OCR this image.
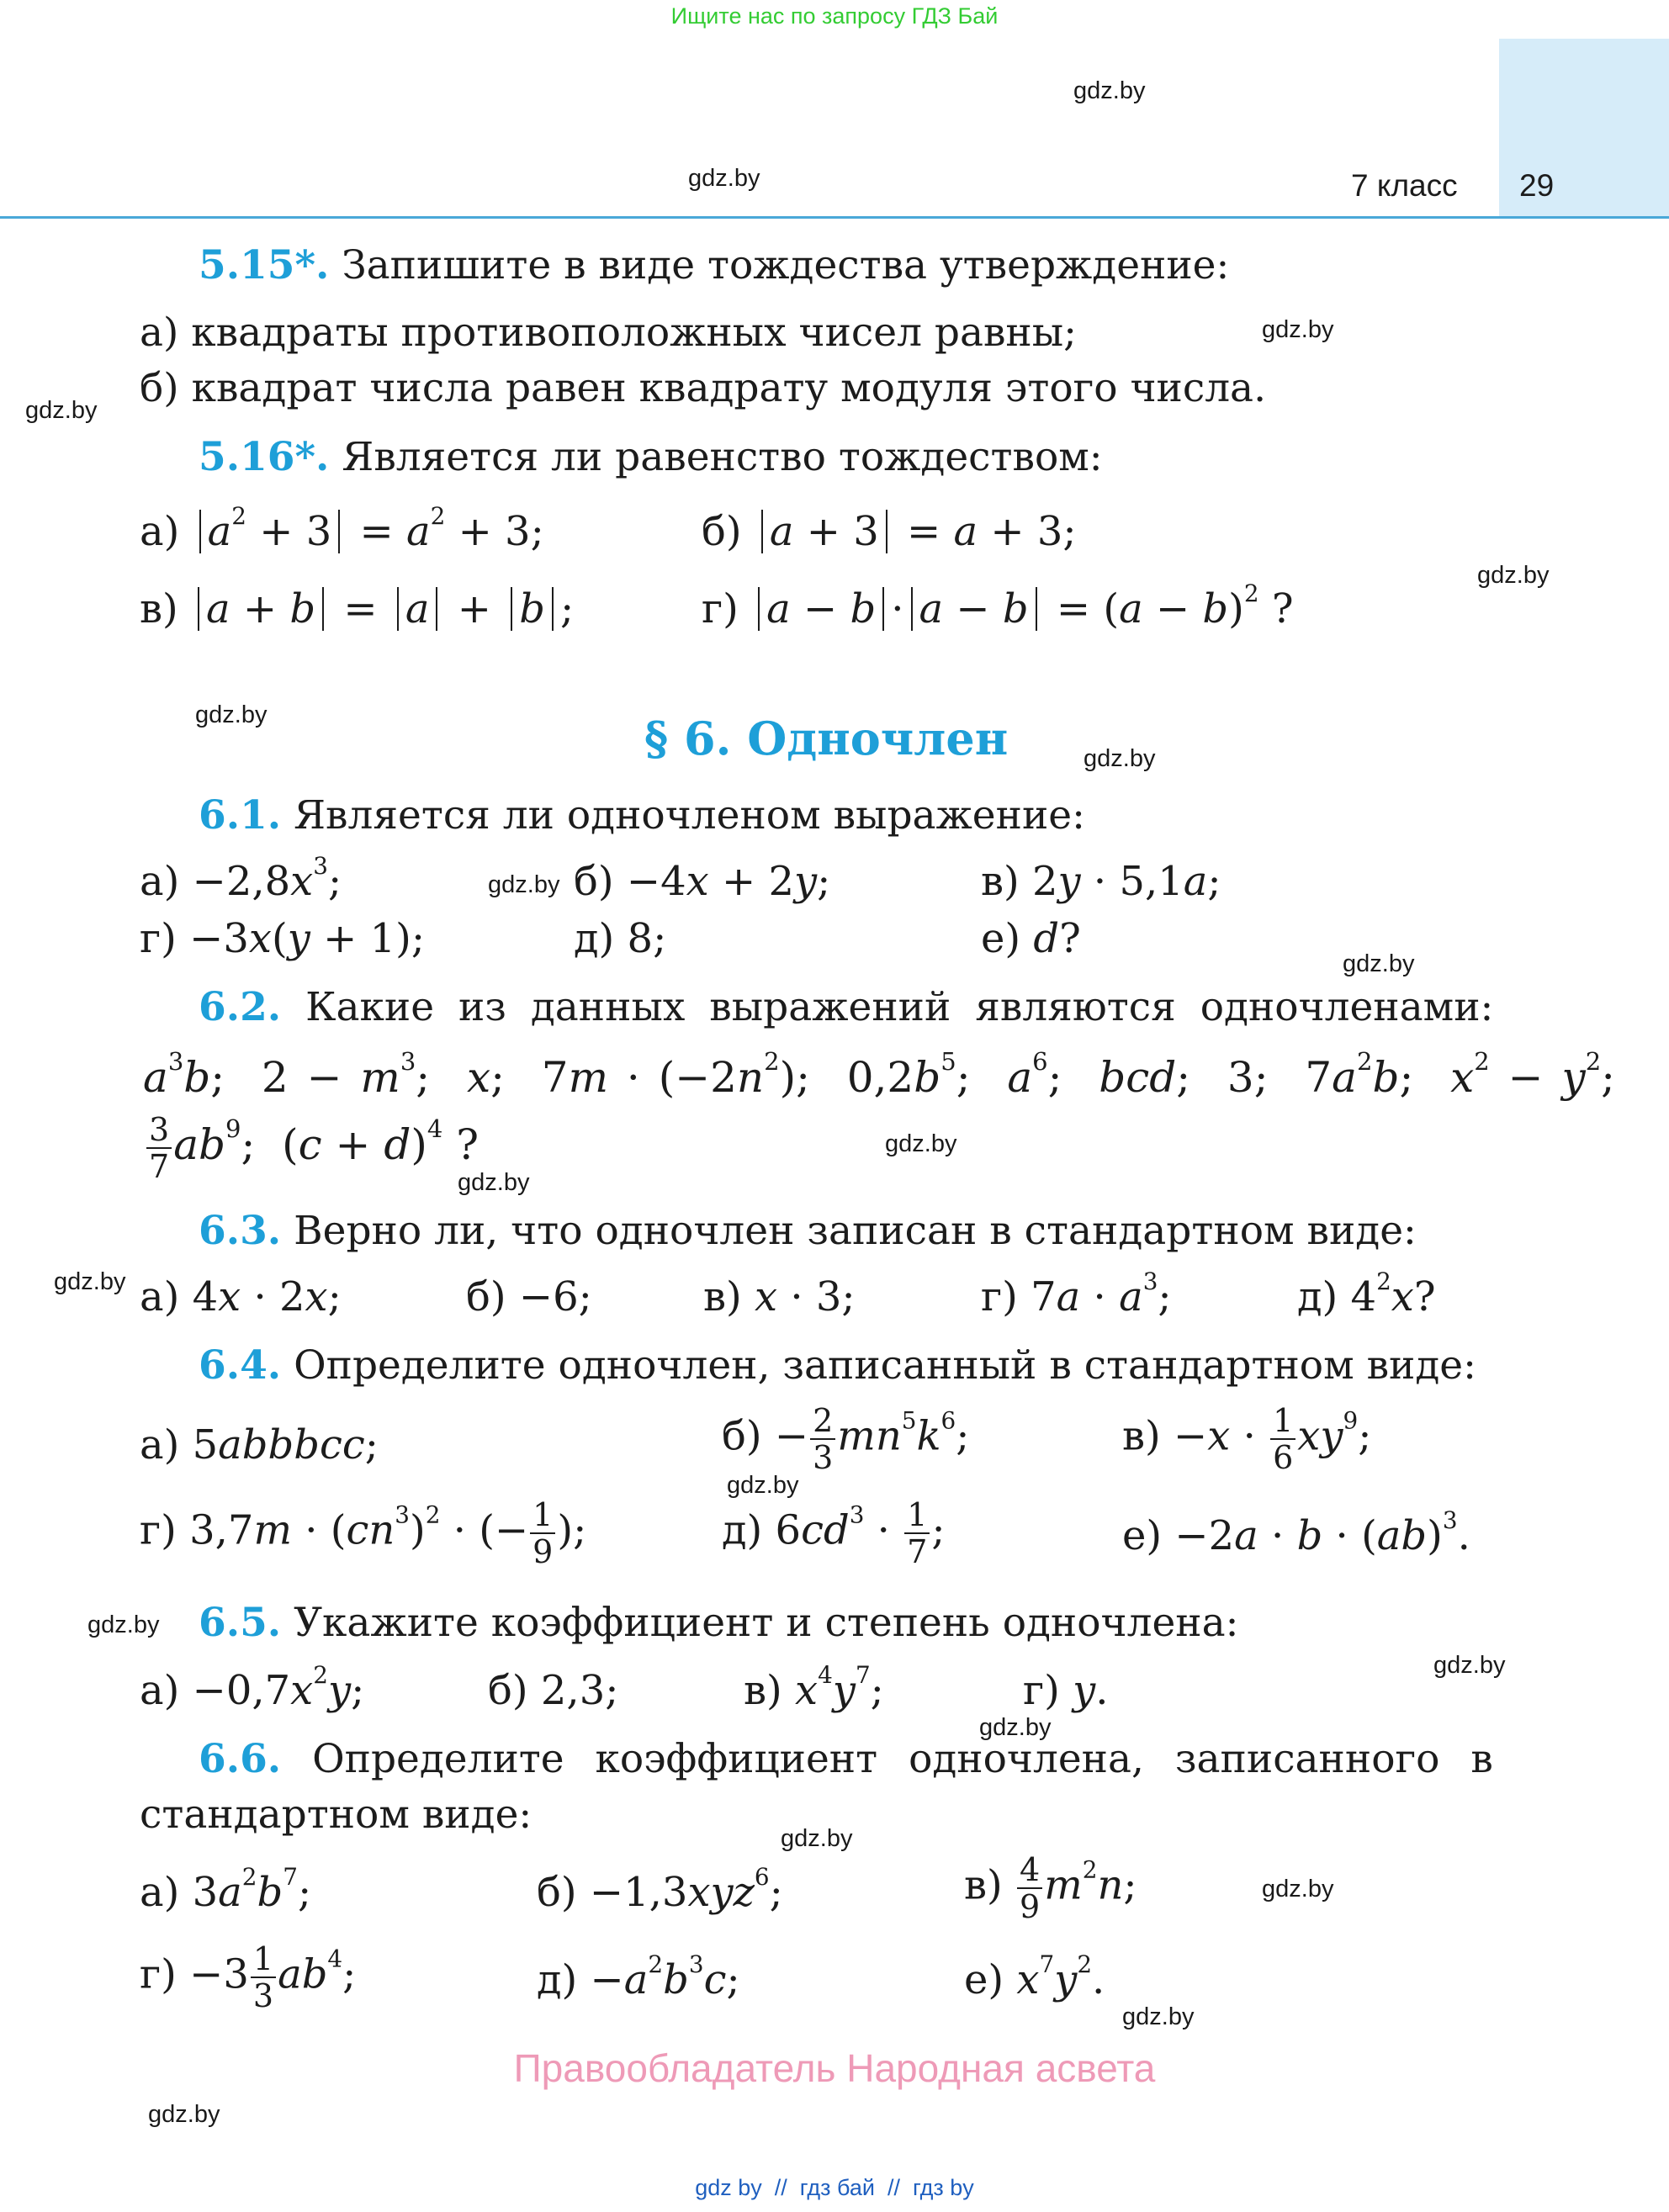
Ищите нас по запросу ГДЗ Бай
7 класс 29
gdz.by
gdz.by
gdz.by
gdz.by
gdz.by
gdz.by
gdz.by
gdz.by
gdz.by
gdz.by
gdz.by
gdz.by
gdz.by
gdz.by
gdz.by
gdz.by
gdz.by
gdz.by
gdz.by
gdz.by
5.15*. Запишите в виде тождества утверждение:
а) квадраты противоположных чисел равны;
б) квадрат числа равен квадрату модуля этого числа.
5.16*. Является ли равенство тождеством:
а) $a^2 + 3 = a^2 + 3$;	б) a + 3 = a + 3;
в) a + b = a + b ;	г) $a - b \cdot a - b = (a - b)^2$ ?
§ 6. Одночлен
6.1. Является ли одночленом выражение:
$а) -2,8x^3$;	б) −4x + 2y;	в) 2y · 5,1a;
г) −3x(y + 1);	д) 8;	е) d?
6.2. Какие из данных выражений являются одночленами:
$a^3b$;  $2 - m^3$;  x;  $7m \cdot (-2n^2)$;  $0,2b^5$;  $a^6$;  bcd;  3;  $7a^2b$;  $x^2 - y^2$;
$\frac{3}{7} ab^9$;  $(c + d)^4$ ?
6.3. Верно ли, что одночлен записан в стандартном виде:
а) 4x · 2x;	б) −6;	в) x · 3;	г) $7a \cdot a^3$;	д) $4^2x$?
6.4. Определите одночлен, записанный в стандартном виде:
а) 5abbbcc;	$б) - \frac{2}{3} mn^5k^6$;	$в) -x \cdot \frac{1}{6} xy^9$;
г) $3,7m \cdot (cn^3)^2$ · (− $\frac{1}{9}$ );	д) $6cd^3 \cdot \frac{1}{7}$ ;	е) −2a · b · (ab)$^3$.
6.5. Укажите коэффициент и степень одночлена:
$а) -0,7x^2y$;	б) 2,3;	в) $x^4y^7$;	г) y.
6.6. Определите коэффициент одночлена, записанного в
стандартном виде:
а) $3a^2b^7$;	б) −1,3xyz$^6$;	$в) \frac{4}{9} m^2n$;
$г) -3 \frac{1}{3} ab^4$;	$д) -a^2b^3c$;	е) $x^7y^2$.
Правообладатель Народная асвета
gdz by  //  гдз бай  //  гдз by
